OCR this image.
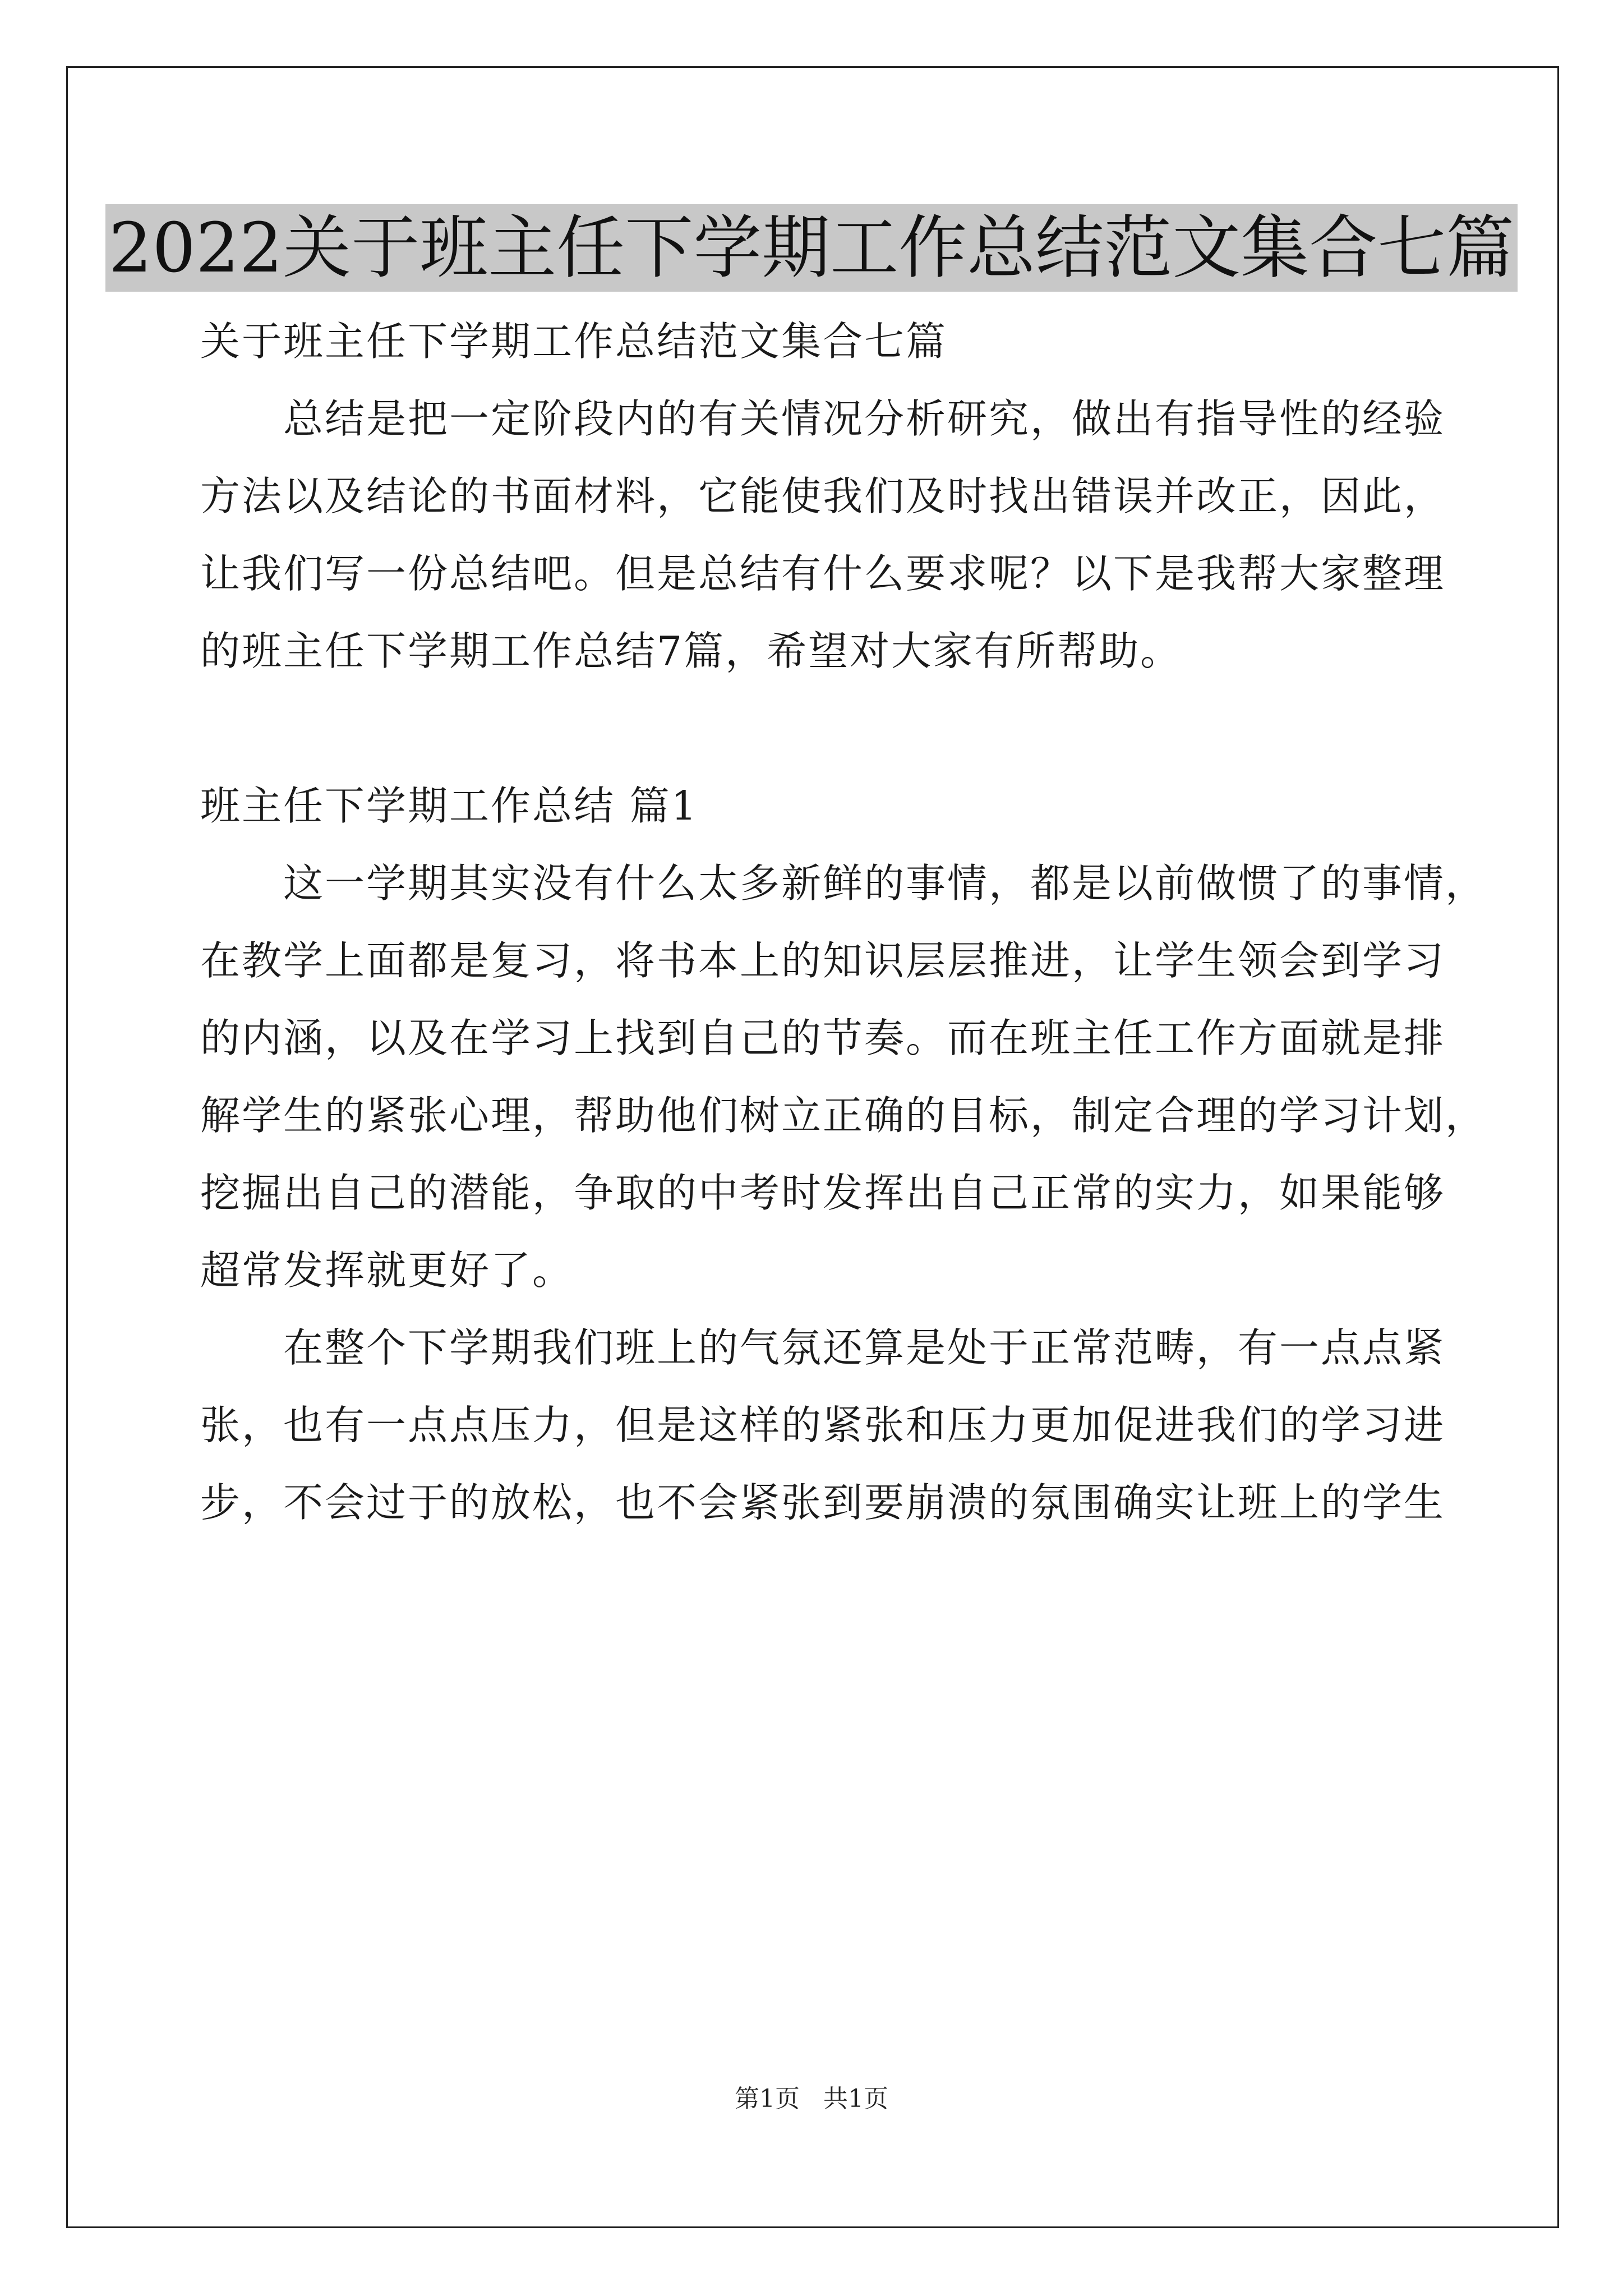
2022关于班主任下学期工作总结范文集合七篇
关于班主任下学期工作总结范文集合七篇
总结是把一定阶段内的有关情况分析研究，做出有指导性的经验
方法以及结论的书面材料，它能使我们及时找出错误并改正，因此，
让我们写一份总结吧。但是总结有什么要求呢？以下是我帮大家整理
的班主任下学期工作总结7篇，希望对大家有所帮助。
班主任下学期工作总结 篇1
这一学期其实没有什么太多新鲜的事情，都是以前做惯了的事情，
在教学上面都是复习，将书本上的知识层层推进，让学生领会到学习
的内涵，以及在学习上找到自己的节奏。而在班主任工作方面就是排
解学生的紧张心理，帮助他们树立正确的目标，制定合理的学习计划，
挖掘出自己的潜能，争取的中考时发挥出自己正常的实力，如果能够
超常发挥就更好了。
在整个下学期我们班上的气氛还算是处于正常范畴，有一点点紧
张，也有一点点压力，但是这样的紧张和压力更加促进我们的学习进
步，不会过于的放松，也不会紧张到要崩溃的氛围确实让班上的学生
第1页 共1页
